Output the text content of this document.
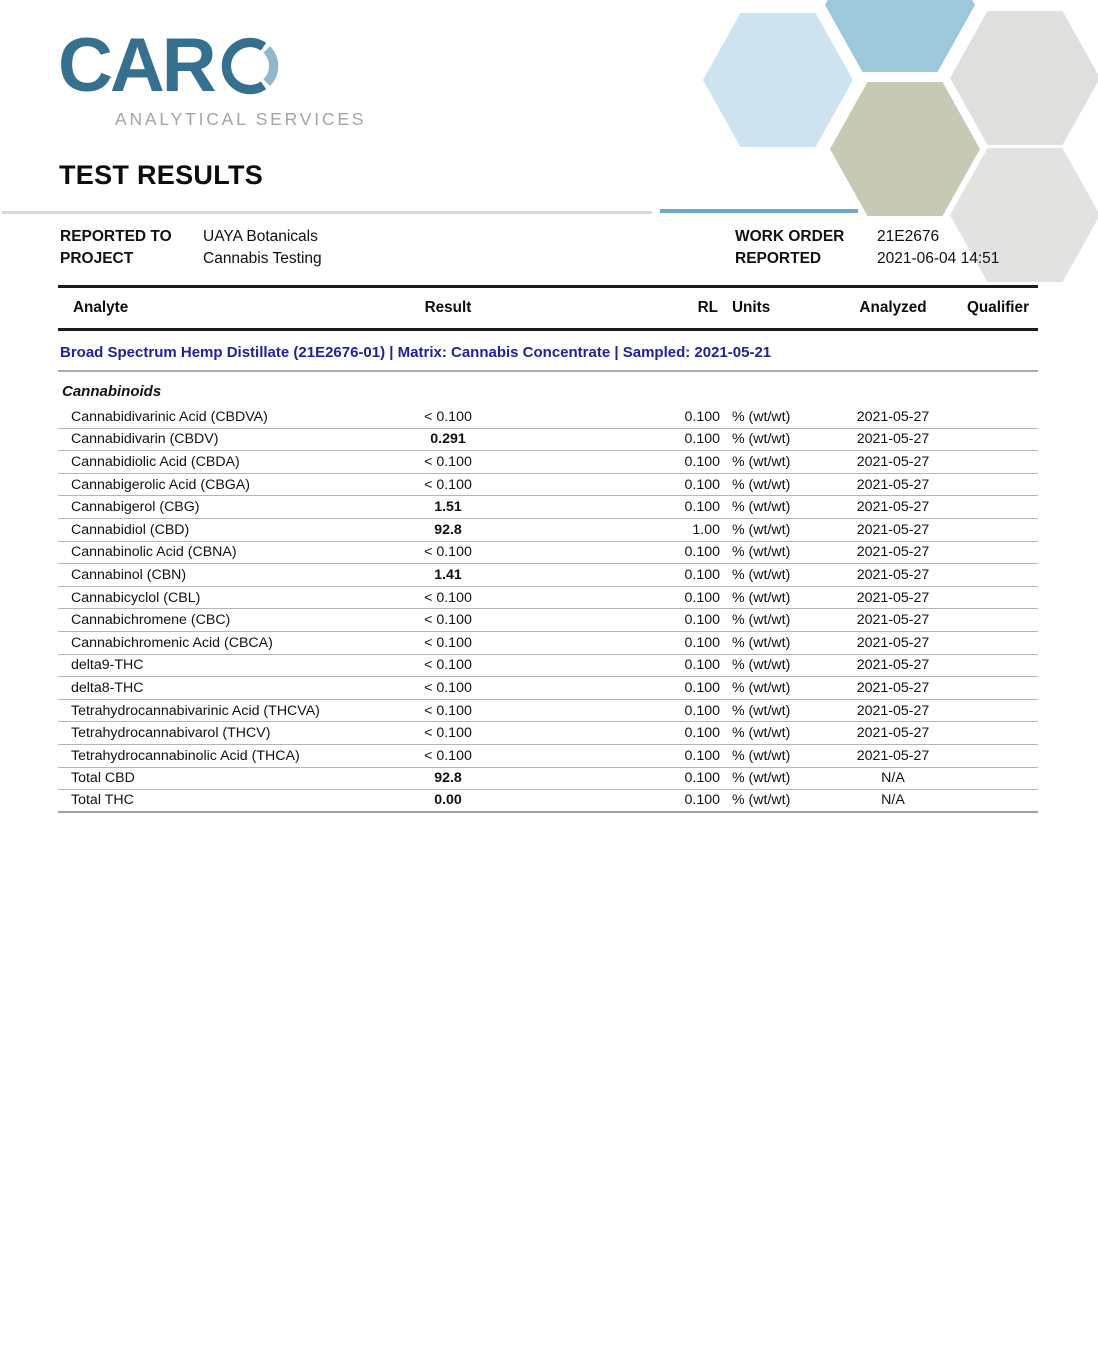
CAR
ANALYTICAL SERVICES
TEST RESULTS
REPORTED TO	UAYA Botanicals
PROJECT	Cannabis Testing
WORK ORDER	21E2676
REPORTED	2021-06-04 14:51
Analyte	Result	RL Units	Analyzed	Qualifier
Broad Spectrum Hemp Distillate (21E2676-01) | Matrix: Cannabis Concentrate | Sampled: 2021-05-21
Cannabinoids
Cannabidivarinic Acid (CBDVA)	< 0.100	0.100 % (wt/wt)	2021-05-27
Cannabidivarin (CBDV)	0.291	0.100 % (wt/wt)	2021-05-27
Cannabidiolic Acid (CBDA)	< 0.100	0.100 % (wt/wt)	2021-05-27
Cannabigerolic Acid (CBGA)	< 0.100	0.100 % (wt/wt)	2021-05-27
Cannabigerol (CBG)	1.51	0.100 % (wt/wt)	2021-05-27
Cannabidiol (CBD)	92.8	1.00 % (wt/wt)	2021-05-27
Cannabinolic Acid (CBNA)	< 0.100	0.100 % (wt/wt)	2021-05-27
Cannabinol (CBN)	1.41	0.100 % (wt/wt)	2021-05-27
Cannabicyclol (CBL)	< 0.100	0.100 % (wt/wt)	2021-05-27
Cannabichromene (CBC)	< 0.100	0.100 % (wt/wt)	2021-05-27
Cannabichromenic Acid (CBCA)	< 0.100	0.100 % (wt/wt)	2021-05-27
delta9-THC	< 0.100	0.100 % (wt/wt)	2021-05-27
delta8-THC	< 0.100	0.100 % (wt/wt)	2021-05-27
Tetrahydrocannabivarinic Acid (THCVA)	< 0.100	0.100 % (wt/wt)	2021-05-27
Tetrahydrocannabivarol (THCV)	< 0.100	0.100 % (wt/wt)	2021-05-27
Tetrahydrocannabinolic Acid (THCA)	< 0.100	0.100 % (wt/wt)	2021-05-27
Total CBD	92.8	0.100 % (wt/wt)	N/A
Total THC	0.00	0.100 % (wt/wt)	N/A
